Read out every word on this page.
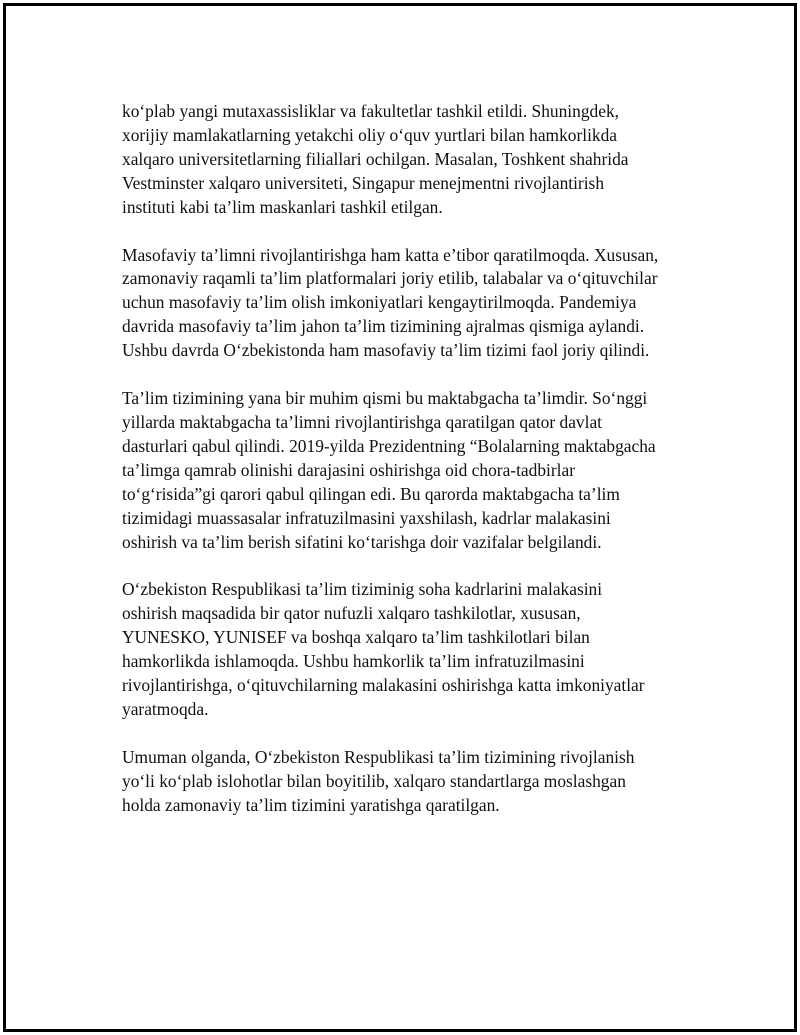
koʻplab yangi mutaxassisliklar va fakultetlar tashkil etildi. Shuningdek,
xorijiy mamlakatlarning yetakchi oliy oʻquv yurtlari bilan hamkorlikda
xalqaro universitetlarning filiallari ochilgan. Masalan, Toshkent shahrida
Vestminster xalqaro universiteti, Singapur menejmentni rivojlantirish
instituti kabi ta’lim maskanlari tashkil etilgan.

Masofaviy ta’limni rivojlantirishga ham katta e’tibor qaratilmoqda. Xususan,
zamonaviy raqamli ta’lim platformalari joriy etilib, talabalar va oʻqituvchilar
uchun masofaviy ta’lim olish imkoniyatlari kengaytirilmoqda. Pandemiya
davrida masofaviy ta’lim jahon ta’lim tizimining ajralmas qismiga aylandi.
Ushbu davrda Oʻzbekistonda ham masofaviy ta’lim tizimi faol joriy qilindi.

Ta’lim tizimining yana bir muhim qismi bu maktabgacha ta’limdir. Soʻnggi
yillarda maktabgacha ta’limni rivojlantirishga qaratilgan qator davlat
dasturlari qabul qilindi. 2019-yilda Prezidentning “Bolalarning maktabgacha
ta’limga qamrab olinishi darajasini oshirishga oid chora-tadbirlar
toʻgʻrisida”gi qarori qabul qilingan edi. Bu qarorda maktabgacha ta’lim
tizimidagi muassasalar infratuzilmasini yaxshilash, kadrlar malakasini
oshirish va ta’lim berish sifatini koʻtarishga doir vazifalar belgilandi.

Oʻzbekiston Respublikasi ta’lim tiziminig soha kadrlarini malakasini
oshirish maqsadida bir qator nufuzli xalqaro tashkilotlar, xususan,
YUNESKO, YUNISEF va boshqa xalqaro ta’lim tashkilotlari bilan
hamkorlikda ishlamoqda. Ushbu hamkorlik ta’lim infratuzilmasini
rivojlantirishga, oʻqituvchilarning malakasini oshirishga katta imkoniyatlar
yaratmoqda.

Umuman olganda, Oʻzbekiston Respublikasi ta’lim tizimining rivojlanish
yoʻli koʻplab islohotlar bilan boyitilib, xalqaro standartlarga moslashgan
holda zamonaviy ta’lim tizimini yaratishga qaratilgan.
